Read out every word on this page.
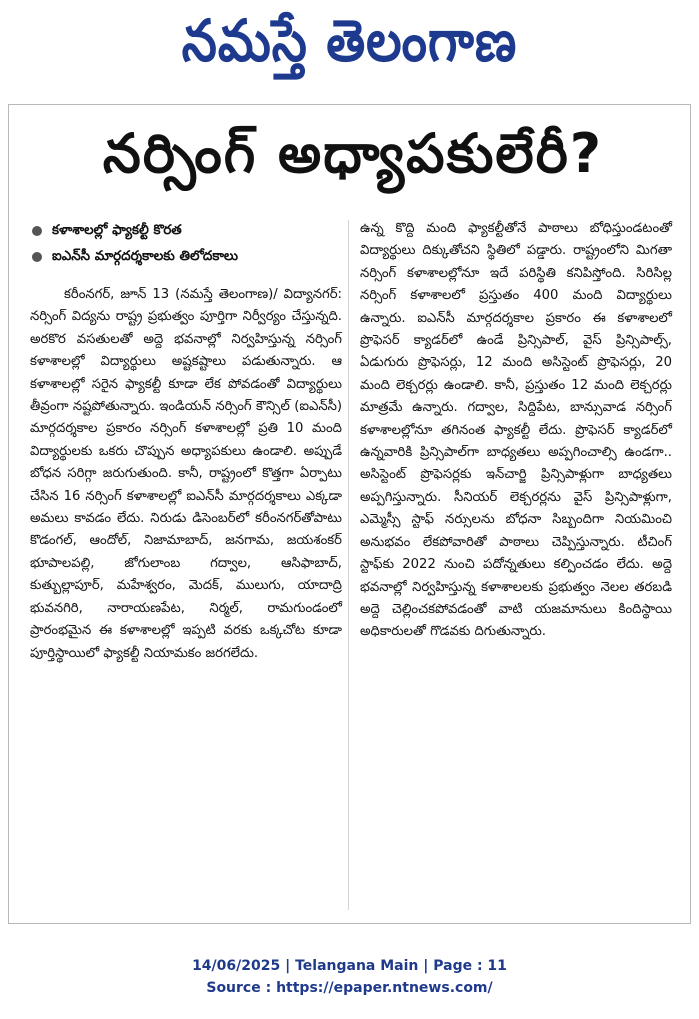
నమస్తే తెలంగాణ
నర్సింగ్ అధ్యాపకులేరీ?
కళాశాలల్లో ఫ్యాకల్టీ కొరత
ఐఎన్‌సీ మార్గదర్శకాలకు తిలోదకాలు

కరీంనగర్, జూన్ 13 (నమస్తే తెలంగాణ)/ విద్యానగర్: నర్సింగ్ విద్యను రాష్ట్ర ప్రభుత్వం పూర్తిగా నిర్వీర్యం చేస్తున్నది. అరకొర వసతులతో అద్దె భవనాల్లో నిర్వహిస్తున్న నర్సింగ్ కళాశాలల్లో విద్యార్థులు అష్టకష్టాలు పడుతున్నారు. ఆ కళాశాలల్లో సరైన ఫ్యాకల్టీ కూడా లేక పోవడంతో విద్యార్థులు తీవ్రంగా నష్టపోతున్నారు. ఇండియన్ నర్సింగ్ కౌన్సిల్ (ఐఎన్‌సీ) మార్గదర్శకాల ప్రకారం నర్సింగ్ కళాశాలల్లో ప్రతి 10 మంది విద్యార్థులకు ఒకరు చొప్పున అధ్యాపకులు ఉండాలి. అప్పుడే బోధన సరిగ్గా జరుగుతుంది. కానీ, రాష్ట్రంలో కొత్తగా ఏర్పాటు చేసిన 16 నర్సింగ్ కళాశాలల్లో ఐఎన్‌సీ మార్గదర్శకాలు ఎక్కడా అమలు కావడం లేదు. నిరుడు డిసెంబర్‌లో కరీంనగర్‌తోపాటు కొడంగల్, ఆందోల్, నిజామాబాద్, జనగామ, జయశంకర్ భూపాలపల్లి, జోగులాంబ గద్వాల, ఆసిఫాబాద్, కుత్బుల్లాపూర్, మహేశ్వరం, మెదక్, ములుగు, యాదాద్రి భువనగిరి, నారాయణపేట, నిర్మల్, రామగుండంలో ప్రారంభమైన ఈ కళాశాలల్లో ఇప్పటి వరకు ఒక్కచోట కూడా పూర్తిస్థాయిలో ఫ్యాకల్టీ నియామకం జరగలేదు.

ఉన్న కొద్ది మంది ఫ్యాకల్టీతోనే పాఠాలు బోధిస్తుండటంతో విద్యార్థులు దిక్కుతోచని స్థితిలో పడ్డారు. రాష్ట్రంలోని మిగతా నర్సింగ్ కళాశాలల్లోనూ ఇదే పరిస్థితి కనిపిస్తోంది. సిరిసిల్ల నర్సింగ్ కళాశాలలో ప్రస్తుతం 400 మంది విద్యార్థులు ఉన్నారు. ఐఎన్‌సీ మార్గదర్శకాల ప్రకారం ఈ కళాశాలలో ప్రొఫెసర్ క్యాడర్‌లో ఉండే ప్రిన్సిపాల్, వైస్ ప్రిన్సిపాల్స్, ఏడుగురు ప్రొఫెసర్లు, 12 మంది అసిస్టెంట్ ప్రొఫెసర్లు, 20 మంది లెక్చరర్లు ఉండాలి. కానీ, ప్రస్తుతం 12 మంది లెక్చరర్లు మాత్రమే ఉన్నారు. గద్వాల, సిద్దిపేట, బాన్సువాడ నర్సింగ్ కళాశాలల్లోనూ తగినంత ఫ్యాకల్టీ లేదు. ప్రొఫెసర్ క్యాడర్‌లో ఉన్నవారికి ప్రిన్సిపాల్‌గా బాధ్యతలు అప్పగించాల్సి ఉండగా.. అసిస్టెంట్ ప్రొఫెసర్లకు ఇన్‌చార్జి ప్రిన్సిపాళ్లుగా బాధ్యతలు అప్పగిస్తున్నారు. సీనియర్ లెక్చరర్లను వైస్ ప్రిన్సిపాళ్లుగా, ఎమ్మెస్సీ స్టాఫ్ నర్సులను బోధనా సిబ్బందిగా నియమించి అనుభవం లేకపోవారితో పాఠాలు చెప్పిస్తున్నారు. టీచింగ్ స్టాఫ్‌కు 2022 నుంచి పదోన్నతులు కల్పించడం లేదు. అద్దె భవనాల్లో నిర్వహిస్తున్న కళాశాలలకు ప్రభుత్వం నెలల తరబడి అద్దె చెల్లించకపోవడంతో వాటి యజమానులు కిందిస్థాయి అధికారులతో గొడవకు దిగుతున్నారు.

14/06/2025 | Telangana Main | Page : 11
Source : https://epaper.ntnews.com/
